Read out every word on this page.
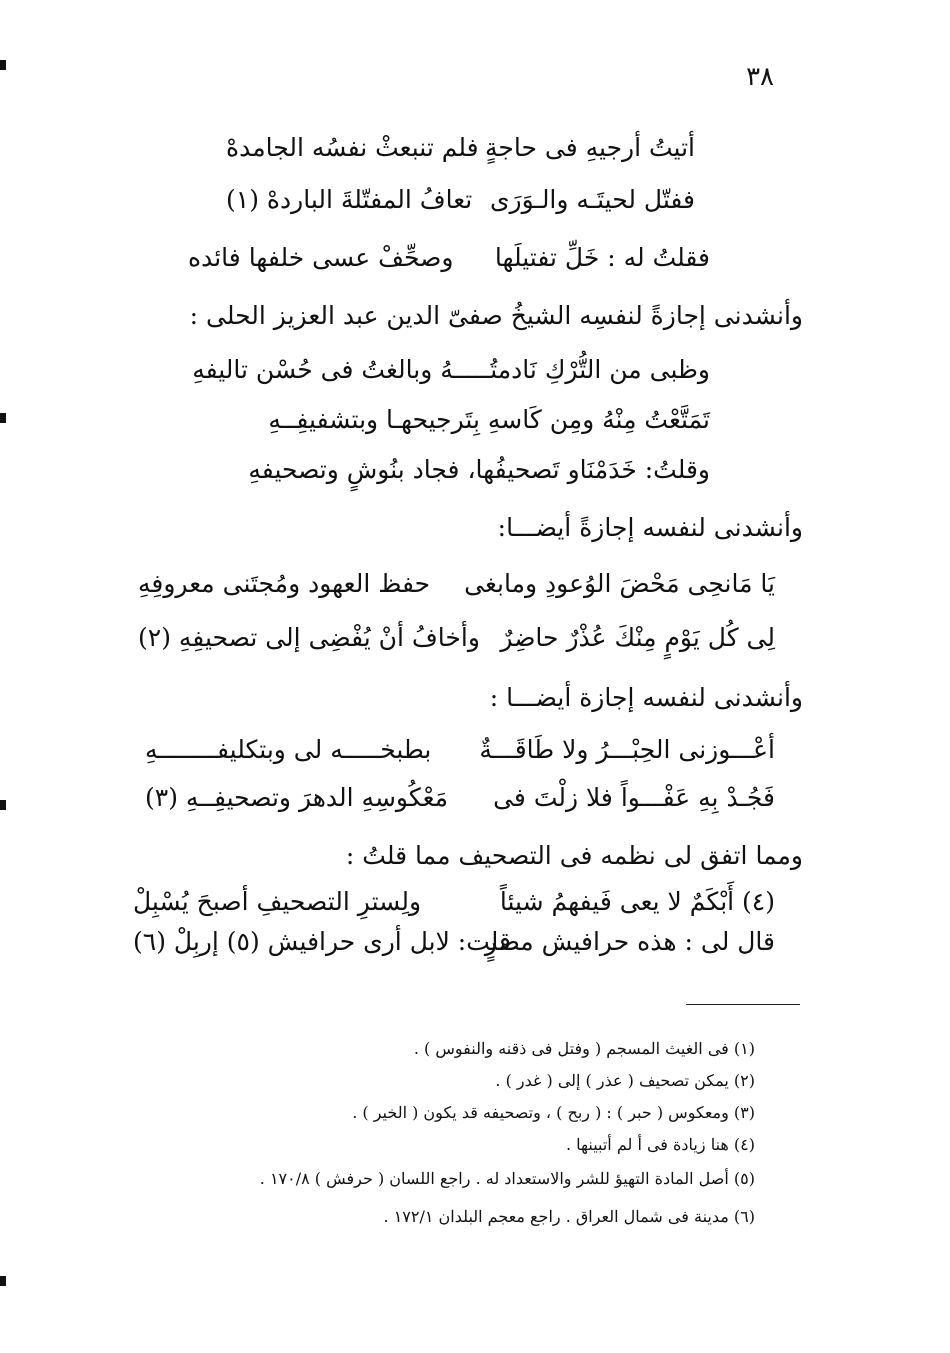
٣٨
أتيتُ أرجيهِ فى حاجةٍ
فلم تنبعثْ نفسُه الجامدهْ
ففتّل لحيتَـه والـوَرَى
تعافُ المفتّلةَ الباردهْ (١)
فقلتُ له : خَلِّ تفتيلَها
وصحِّفْ عسى خلفها فائده
وأنشدنى إجازةً لنفسِه الشيخُ صفىّ الدين عبد العزيز الحلى :
وظبى من التُّرْكِ نَادمتُـــــهُ وبالغتُ فى حُسْن تاليفهِ
تَمَتَّعْتُ مِنْهُ ومِن كَاسهِ بِتَرجيحهـا وبتشفيفِــهِ
وقلتُ: خَدَمْنَاو تَصحيفُها، فجاد بنُوشٍ وتصحيفهِ
وأنشدنى لنفسه إجازةً أيضـــا:
يَا مَانحِى مَحْضَ الوُعودِ ومابغى
حفظ العهود ومُجتَنى معروفِهِ
لِى كُل يَوْمٍ مِنْكَ عُذْرٌ حاضِرٌ
وأخافُ أنْ يُفْضِى إلى تصحيفِهِ (٢)
وأنشدنى لنفسه إجازة أيضـــا :
أعْـــوزنى الحِبْـــرُ ولا طَاقَـــةٌ
بطبخـــــه لى وبتكليفــــــــهِ
فَجُـدْ بِهِ عَفْـــواً فلا زلْتَ فى
مَعْكُوسِهِ الدهرَ وتصحيفِــهِ (٣)
ومما اتفق لى نظمه فى التصحيف مما قلتُ :
(٤) أَبْكَمٌ لا يعى فَيفهمُ شيئاً
ولِسترِ التصحيفِ أصبحَ يُسْبِلْ
قال لى : هذه حرافيش مصرٍ
قلت: لابل أرى حرافيش (٥) إربِلْ (٦)
(١) فى الغيث المسجم ( وفتل فى ذقنه والنفوس ) .
(٢) يمكن تصحيف ( عذر ) إلى ( غدر ) .
(٣) ومعكوس ( حبر ) : ( ربح ) ، وتصحيفه قد يكون ( الخير ) .
(٤) هنا زيادة فى أ لم أتبينها .
(٥) أصل المادة التهيؤ للشر والاستعداد له . راجع اللسان ( حرفش ) ١٧٠/٨ .
(٦) مدينة فى شمال العراق . راجع معجم البلدان ١٧٢/١ .
